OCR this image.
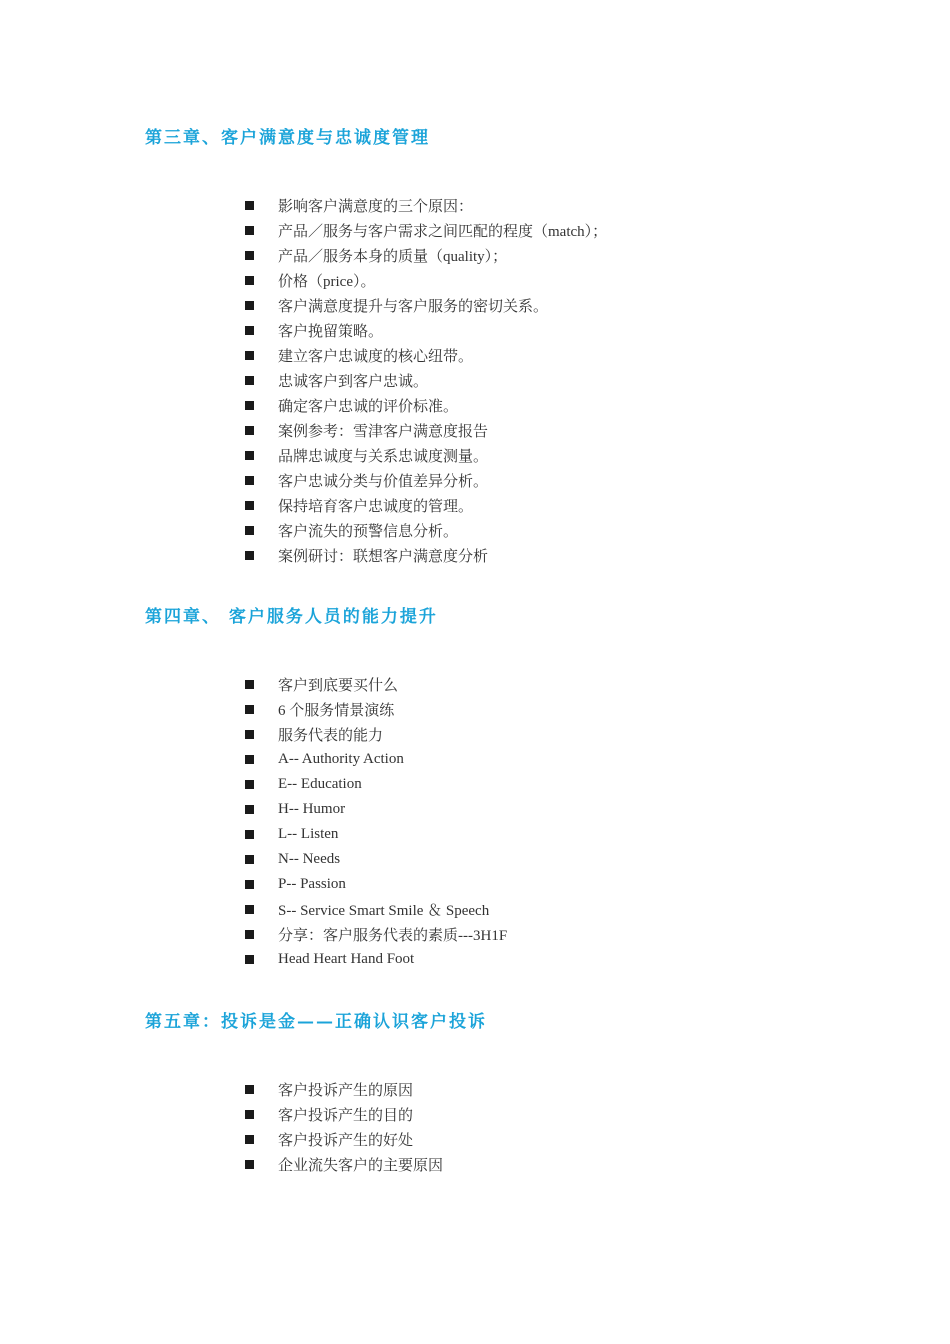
第三章、客户满意度与忠诚度管理
影响客户满意度的三个原因：
产品／服务与客户需求之间匹配的程度（match）；
产品／服务本身的质量（quality）；
价格（price）。
客户满意度提升与客户服务的密切关系。
客户挽留策略。
建立客户忠诚度的核心纽带。
忠诚客户到客户忠诚。
确定客户忠诚的评价标准。
案例参考：雪津客户满意度报告
品牌忠诚度与关系忠诚度测量。
客户忠诚分类与价值差异分析。
保持培育客户忠诚度的管理。
客户流失的预警信息分析。
案例研讨：联想客户满意度分析
第四章、 客户服务人员的能力提升
客户到底要买什么
6 个服务情景演练
服务代表的能力
A-- Authority Action
E-- Education
H-- Humor
L-- Listen
N-- Needs
P-- Passion
S-- Service Smart Smile ＆ Speech
分享：客户服务代表的素质---3H1F
Head Heart Hand Foot
第五章：投诉是金——正确认识客户投诉
客户投诉产生的原因
客户投诉产生的目的
客户投诉产生的好处
企业流失客户的主要原因
